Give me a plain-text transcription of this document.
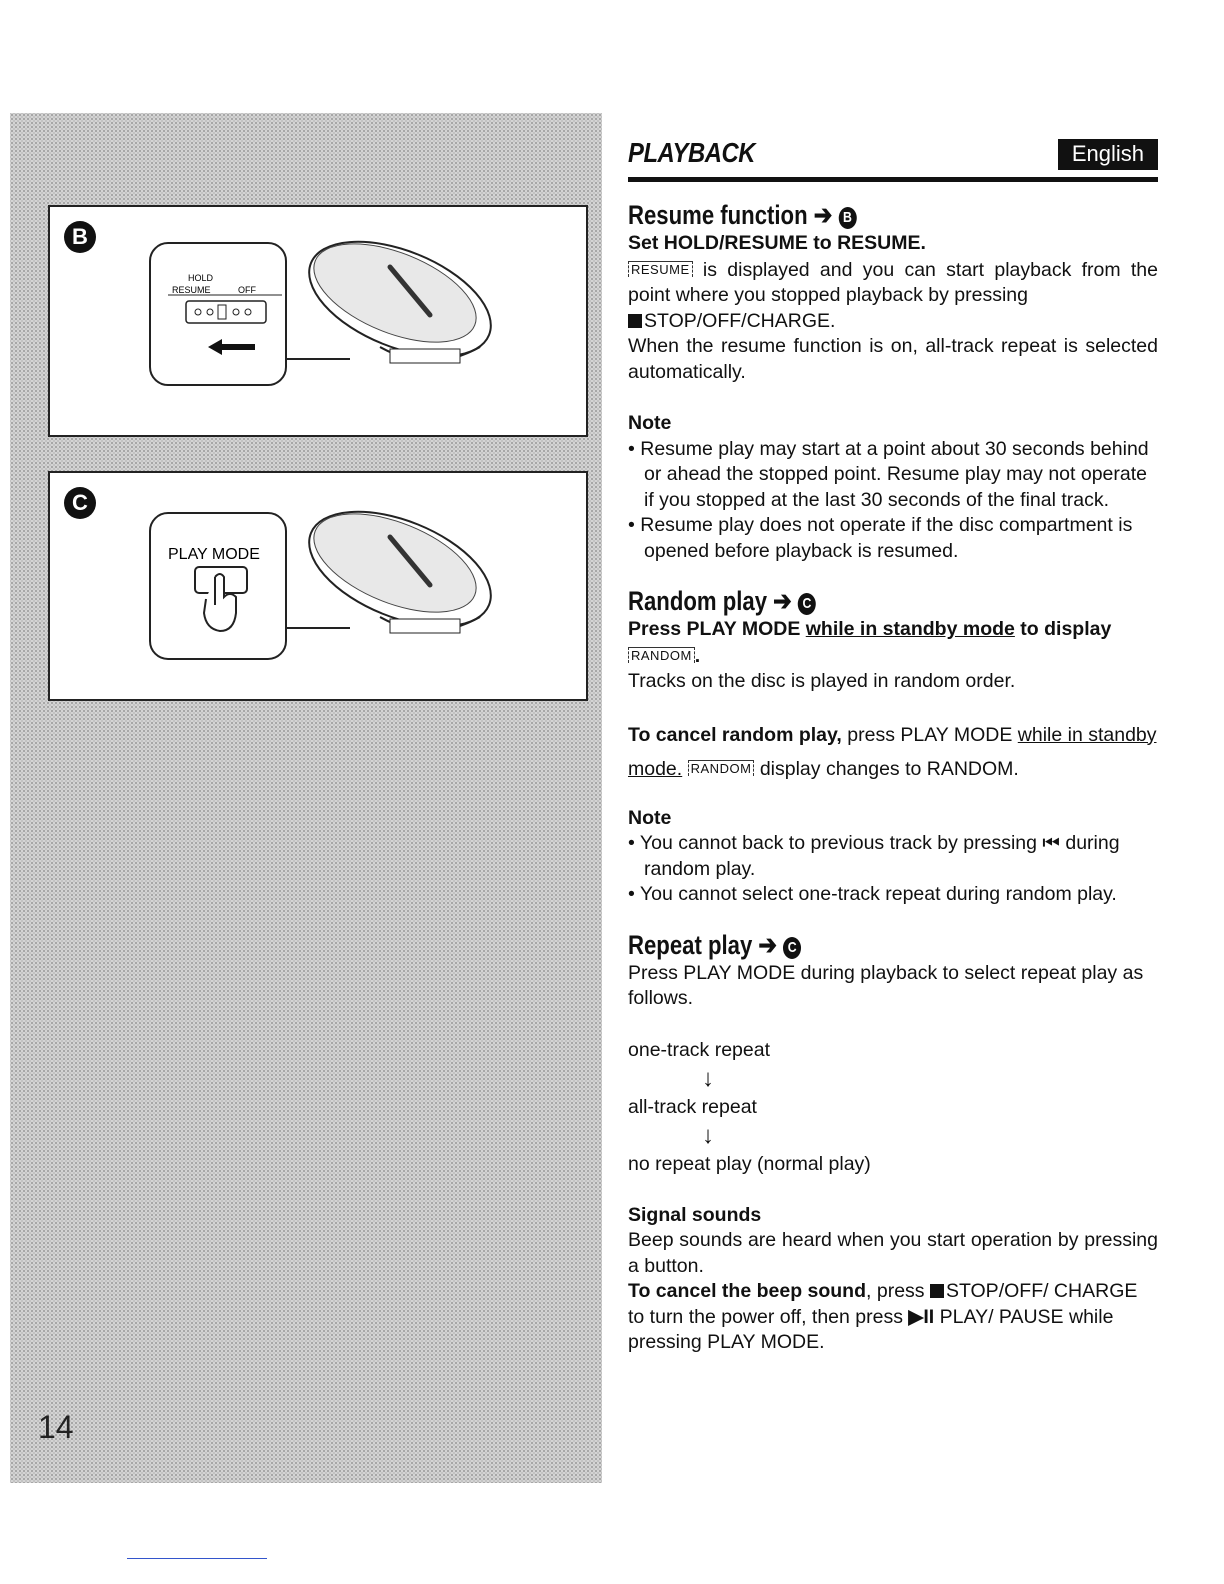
B
HOLD
RESUME	OFF
C
PLAY MODE
14
PLAYBACK	English
Resume function ➔ B

Set HOLD/RESUME to RESUME.

RESUME is displayed and you can start playback from the point where you stopped playback by pressing
STOP/OFF/CHARGE.

When the resume function is on, all-track repeat is selected automatically.

Note

• Resume play may start at a point about 30 seconds behind or ahead the stopped point. Resume play may not operate if you stopped at the last 30 seconds of the final track.
• Resume play does not operate if the disc compartment is opened before playback is resumed.
Random play ➔ C

Press PLAY MODE while in standby mode to display
RANDOM .

Tracks on the disc is played in random order.

To cancel random play, press PLAY MODE while in standby mode. RANDOM display changes to RANDOM.

Note

• You cannot back to previous track by pressing ⏮ during random play.
• You cannot select one-track repeat during random play.
Repeat play ➔ C

Press PLAY MODE during playback to select repeat play as follows.

one-track repeat
↓
all-track repeat
↓
no repeat play (normal play)

Signal sounds

Beep sounds are heard when you start operation by pressing a button.

To cancel the beep sound, press STOP/OFF/ CHARGE to turn the power off, then press ▶II PLAY/ PAUSE while pressing PLAY MODE.
